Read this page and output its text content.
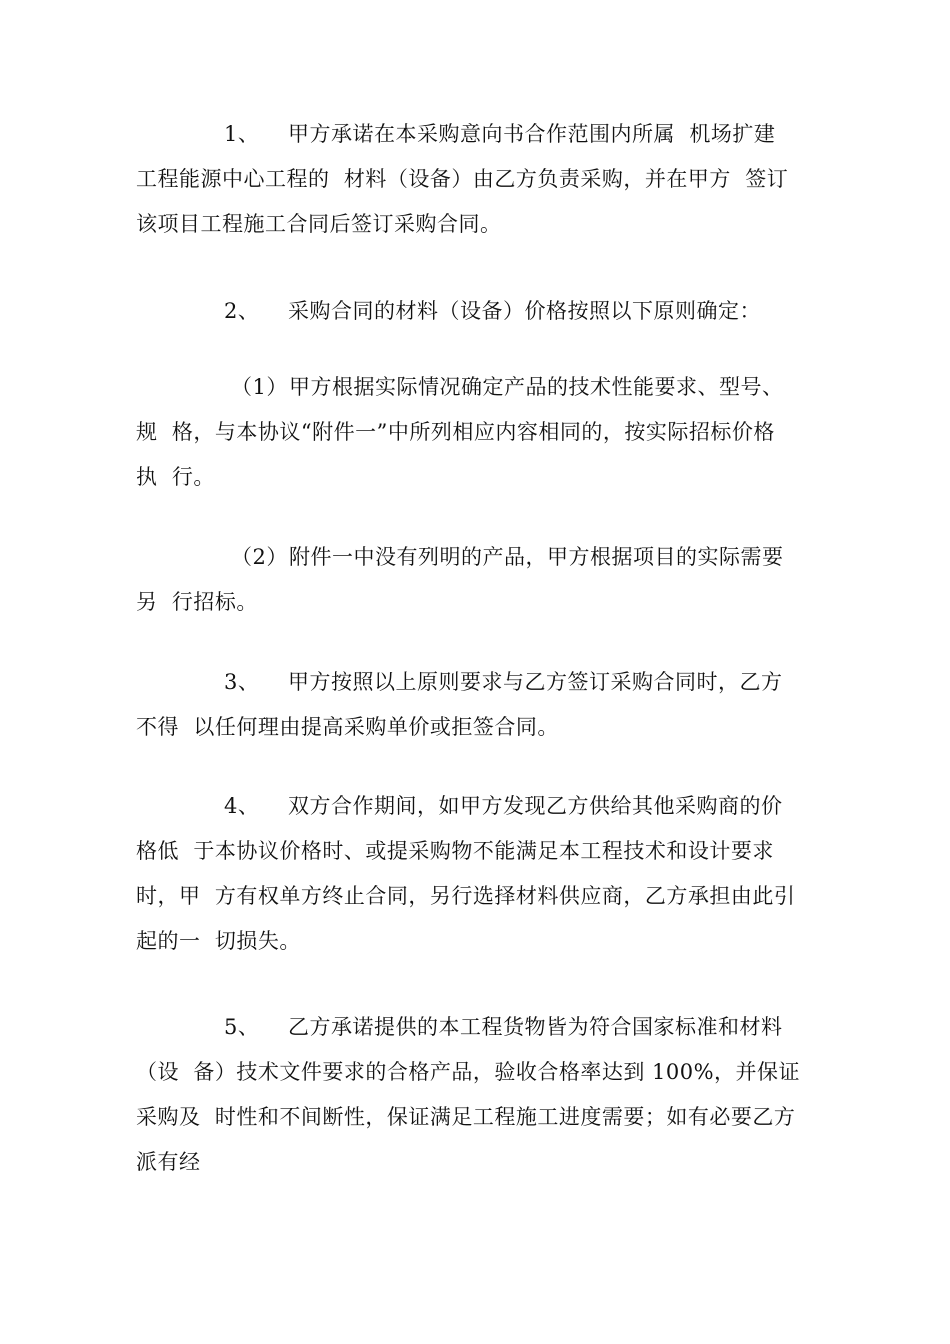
1、 甲方承诺在本采购意向书合作范围内所属  机场扩建
工程能源中心工程的  材料（设备）由乙方负责采购，并在甲方  签订
该项目工程施工合同后签订采购合同。
2、 采购合同的材料（设备）价格按照以下原则确定：
（1）甲方根据实际情况确定产品的技术性能要求、型号、
规  格，与本协议“附件一”中所列相应内容相同的，按实际招标价格
执  行。
（2）附件一中没有列明的产品，甲方根据项目的实际需要
另  行招标。
3、 甲方按照以上原则要求与乙方签订采购合同时，乙方
不得  以任何理由提高采购单价或拒签合同。
4、 双方合作期间，如甲方发现乙方供给其他采购商的价
格低  于本协议价格时、或提采购物不能满足本工程技术和设计要求
时，甲  方有权单方终止合同，另行选择材料供应商，乙方承担由此引
起的一  切损失。
5、 乙方承诺提供的本工程货物皆为符合国家标准和材料
（设  备）技术文件要求的合格产品，验收合格率达到 100%，并保证
采购及  时性和不间断性，保证满足工程施工进度需要；如有必要乙方
派有经
